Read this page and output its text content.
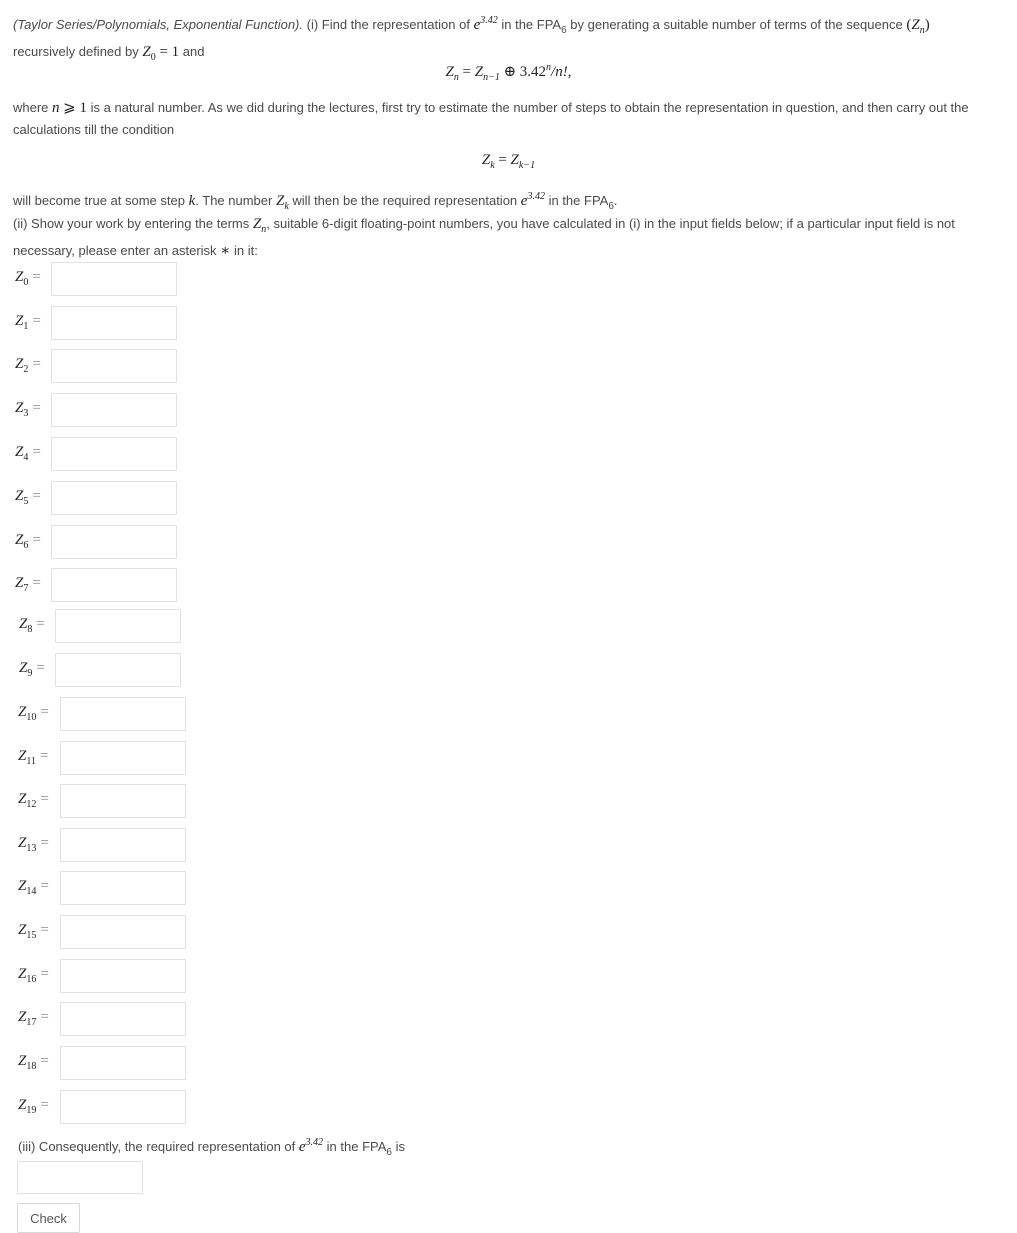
(Taylor Series/Polynomials, Exponential Function). (i) Find the representation of $e^{3.42}$ in the $FPA_6$ by generating a suitable number of terms of the sequence $(Z_n)$
recursively defined by $Z_0 = 1$ and
$Z_n = Z_{n-1}$ ⊕ 3.42$^n$/n!,
where n ⩾ 1 is a natural number. As we did during the lectures, first try to estimate the number of steps to obtain the representation in question, and then carry out the calculations till the condition
$Z_k = Z_{k-1}$
will become true at some step k. The number $Z_k$ will then be the required representation $e^{3.42}$ in the $FPA_6$.
(ii) Show your work by entering the terms $Z_n$, suitable 6-digit floating-point numbers, you have calculated in (i) in the input fields below; if a particular input field is not necessary, please enter an asterisk ∗ in it:
$Z_0$ =
$Z_1$ =
$Z_2$ =
$Z_3$ =
$Z_4$ =
$Z_5$ =
$Z_6$ =
$Z_7$ =
$Z_8$ =
$Z_9$ =
$Z_{10}$ =
$Z_{11}$ =
$Z_{12}$ =
$Z_{13}$ =
$Z_{14}$ =
$Z_{15}$ =
$Z_{16}$ =
$Z_{17}$ =
$Z_{18}$ =
$Z_{19}$ =
(iii) Consequently, the required representation of $e^{3.42}$ in the $FPA_6$ is
Check
